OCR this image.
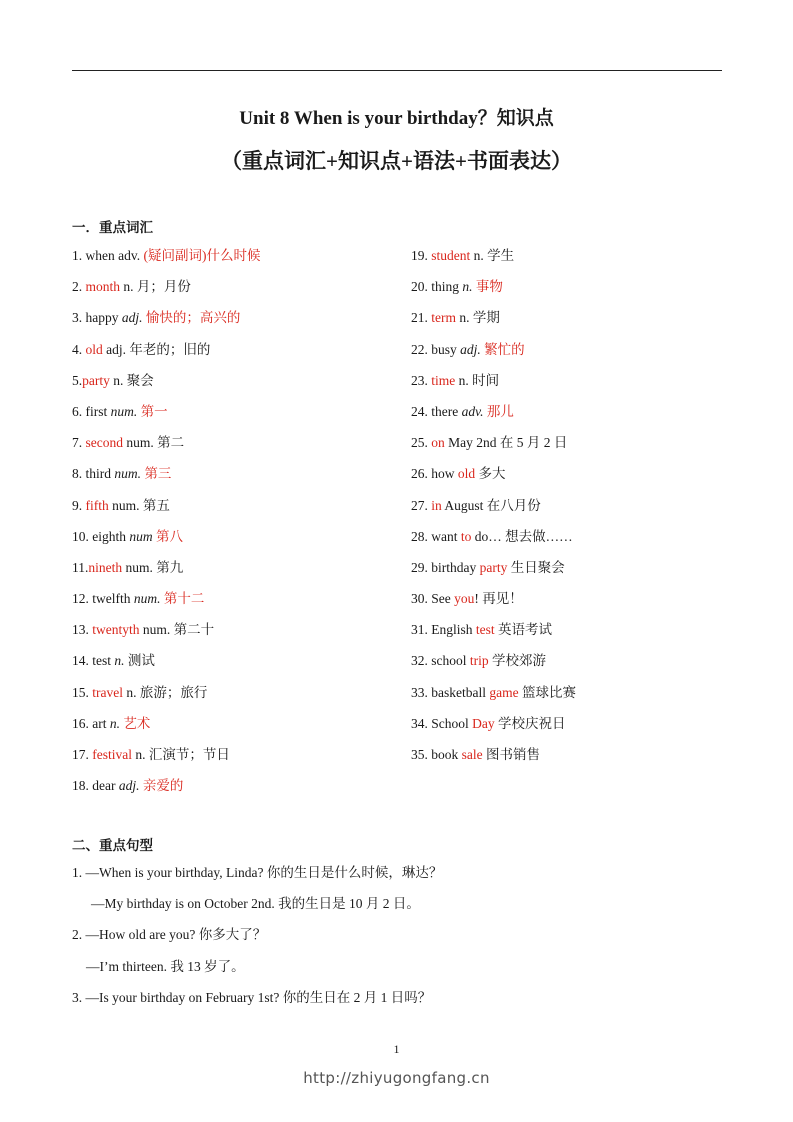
Unit 8 When is your birthday？知识点
（重点词汇+知识点+语法+书面表达）
一．重点词汇
1. when adv. (疑问副词)什么时候
2. month n. 月；月份
3. happy adj. 愉快的；高兴的
4. old adj. 年老的；旧的
5.party n. 聚会
6. first num. 第一
7. second num. 第二
8. third num. 第三
9. fifth num. 第五
10. eighth num 第八
11.nineth num. 第九
12. twelfth num. 第十二
13. twentyth num. 第二十
14. test n. 测试
15. travel n. 旅游；旅行
16. art n. 艺术
17. festival n. 汇演节；节日
18. dear adj. 亲爱的
19. student n. 学生
20. thing n. 事物
21. term n. 学期
22. busy adj. 繁忙的
23. time n. 时间
24. there adv. 那儿
25. on May 2nd 在 5 月 2 日
26. how old 多大
27. in August 在八月份
28. want to do… 想去做……
29. birthday party 生日聚会
30. See you! 再见！
31. English test 英语考试
32. school trip 学校郊游
33. basketball game 篮球比赛
34. School Day 学校庆祝日
35. book sale 图书销售
二、重点句型
1. —When is your birthday, Linda? 你的生日是什么时候，琳达？
—My birthday is on October 2nd. 我的生日是 10 月 2 日。
2. —How old are you? 你多大了？
—I’m thirteen. 我 13 岁了。
3. —Is your birthday on February 1st? 你的生日在 2 月 1 日吗？
1
http://zhiyugongfang.cn
